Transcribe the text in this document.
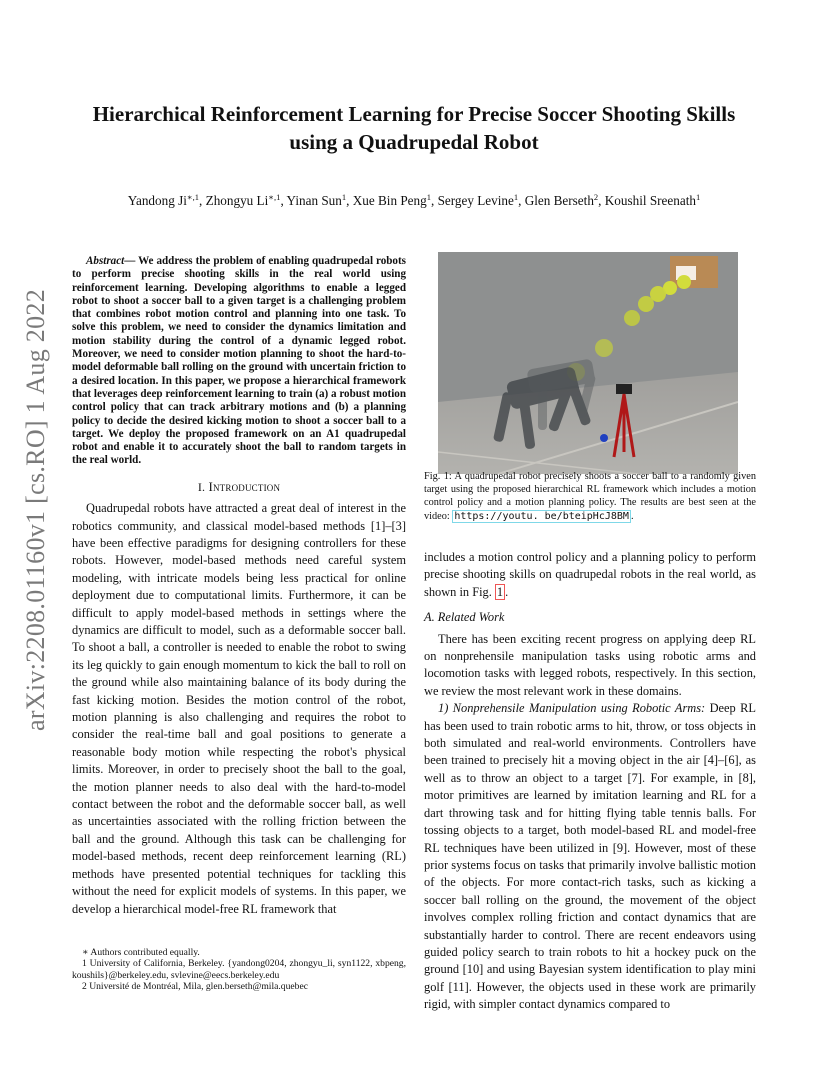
arXiv:2208.01160v1 [cs.RO] 1 Aug 2022
Hierarchical Reinforcement Learning for Precise Soccer Shooting Skills
using a Quadrupedal Robot
Yandong $Ji^{∗,1}$, Zhongyu $Li^{∗,1}$, Yinan Sun$^1$, Xue Bin Peng$^1$, Sergey Levine$^1$, Glen Berseth$^2$, Koushil Sreenath$^1$

Abstract— We address the problem of enabling quadrupedal robots to perform precise shooting skills in the real world using reinforcement learning. Developing algorithms to enable a legged robot to shoot a soccer ball to a given target is a challenging problem that combines robot motion control and planning into one task. To solve this problem, we need to consider the dynamics limitation and motion stability during the control of a dynamic legged robot. Moreover, we need to consider motion planning to shoot the hard-to-model deformable ball rolling on the ground with uncertain friction to a desired location. In this paper, we propose a hierarchical framework that leverages deep reinforcement learning to train (a) a robust motion control policy that can track arbitrary motions and (b) a planning policy to decide the desired kicking motion to shoot a soccer ball to a target. We deploy the proposed framework on an A1 quadrupedal robot and enable it to accurately shoot the ball to random targets in the real world.

I. Introduction

Quadrupedal robots have attracted a great deal of interest in the robotics community, and classical model-based methods [1]–[3] have been effective paradigms for designing controllers for these robots. However, model-based methods need careful system modeling, with intricate models being less practical for online deployment due to computational limits. Furthermore, it can be difficult to apply model-based methods in settings where the dynamics are difficult to model, such as a deformable soccer ball. To shoot a ball, a controller is needed to enable the robot to swing its leg quickly to gain enough momentum to kick the ball to roll on the ground while also maintaining balance of its body during the fast kicking motion. Besides the motion control of the robot, motion planning is also challenging and requires the robot to consider the real-time ball and goal positions to generate a reasonable body motion while respecting the robot's physical limits. Moreover, in order to precisely shoot the ball to the goal, the motion planner needs to also deal with the hard-to-model contact between the robot and the deformable soccer ball, as well as uncertainties associated with the rolling friction between the ball and the ground. Although this task can be challenging for model-based methods, recent deep reinforcement learning (RL) methods have presented potential techniques for tackling this without the need for explicit models of systems. In this paper, we develop a hierarchical model-free RL framework that

∗ Authors contributed equally.

1 University of California, Berkeley. {yandong0204, zhongyu_li, syn1122, xbpeng, koushils}@berkeley.edu, svlevine@eecs.berkeley.edu

2 Université de Montréal, Mila, glen.berseth@mila.quebec

Fig. 1: A quadrupedal robot precisely shoots a soccer ball to a randomly given target using the proposed hierarchical RL framework which includes a motion control policy and a motion planning policy. The results are best seen at the video: https://youtu. be/bteipHcJ8BM .

includes a motion control policy and a planning policy to perform precise shooting skills on quadrupedal robots in the real world, as shown in Fig. 1 .

A. Related Work

There has been exciting recent progress on applying deep RL on nonprehensile manipulation tasks using robotic arms and locomotion tasks with legged robots, respectively. In this section, we review the most relevant work in these domains.

1) Nonprehensile Manipulation using Robotic Arms: Deep RL has been used to train robotic arms to hit, throw, or toss objects in both simulated and real-world environments. Controllers have been trained to precisely hit a moving object in the air [4]–[6], as well as to throw an object to a target [7]. For example, in [8], motor primitives are learned by imitation learning and RL for a dart throwing task and for hitting flying table tennis balls. For tossing objects to a target, both model-based RL and model-free RL techniques have been utilized in [9]. However, most of these prior systems focus on tasks that primarily involve ballistic motion of the objects. For more contact-rich tasks, such as kicking a soccer ball rolling on the ground, the movement of the object involves complex rolling friction and contact dynamics that are substantially harder to control. There are recent endeavors using guided policy search to train robots to hit a hockey puck on the ground [10] and using Bayesian system identification to play mini golf [11]. However, the objects used in these work are primarily rigid, with simpler contact dynamics compared to
